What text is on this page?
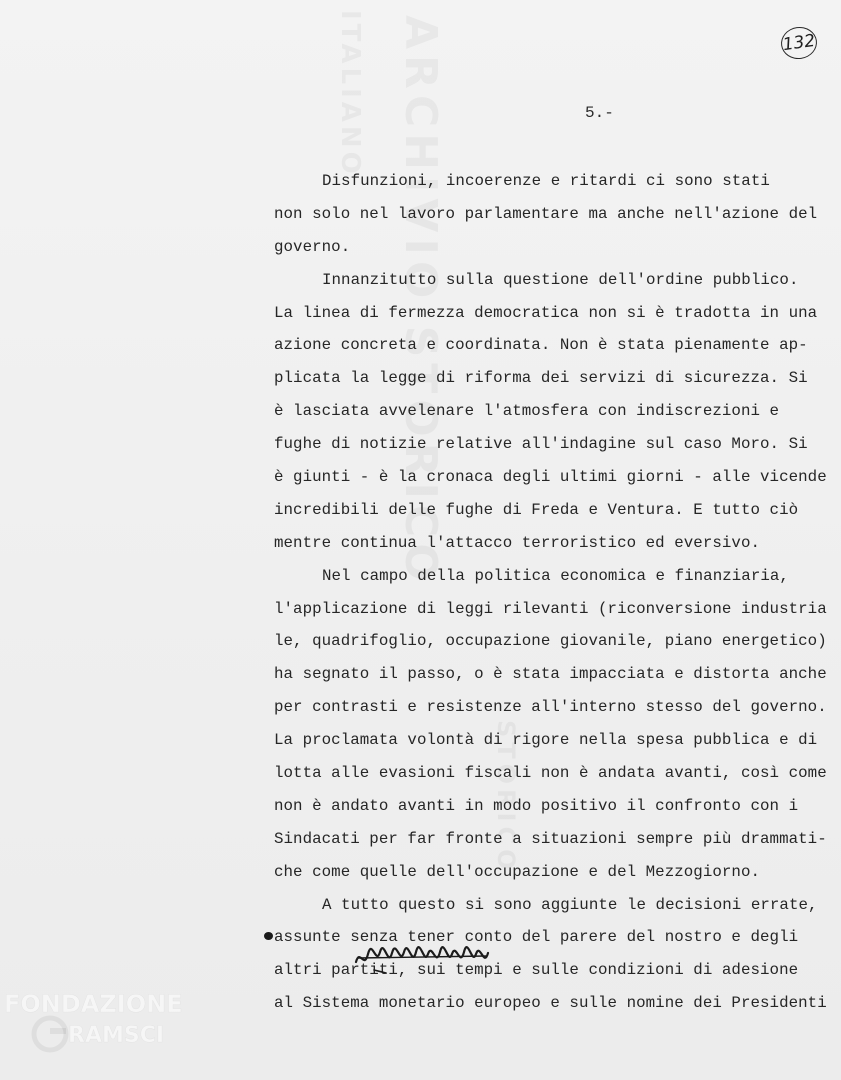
132
5.-
Disfunzioni, incoerenze e ritardi ci sono stati
non solo nel lavoro parlamentare ma anche nell'azione del
governo.
Innanzitutto sulla questione dell'ordine pubblico.
La linea di fermezza democratica non si è tradotta in una
azione concreta e coordinata. Non è stata pienamente ap-
plicata la legge di riforma dei servizi di sicurezza. Si
è lasciata avvelenare l'atmosfera con indiscrezioni e
fughe di notizie relative all'indagine sul caso Moro. Si
è giunti - è la cronaca degli ultimi giorni - alle vicende
incredibili delle fughe di Freda e Ventura. E tutto ciò
mentre continua l'attacco terroristico ed eversivo.
Nel campo della politica economica e finanziaria,
l'applicazione di leggi rilevanti (riconversione industria
le, quadrifoglio, occupazione giovanile, piano energetico)
ha segnato il passo, o è stata impacciata e distorta anche
per contrasti e resistenze all'interno stesso del governo.
La proclamata volontà di rigore nella spesa pubblica e di
lotta alle evasioni fiscali non è andata avanti, così come
non è andato avanti in modo positivo il confronto con i
Sindacati per far fronte a situazioni sempre più drammati-
che come quelle dell'occupazione e del Mezzogiorno.
A tutto questo si sono aggiunte le decisioni errate,
assunte senza tener conto del parere del nostro e degli
altri partiti, sui tempi e sulle condizioni di adesione
al Sistema monetario europeo e sulle nomine dei Presidenti
FONDAZIONE
RAMSCI
